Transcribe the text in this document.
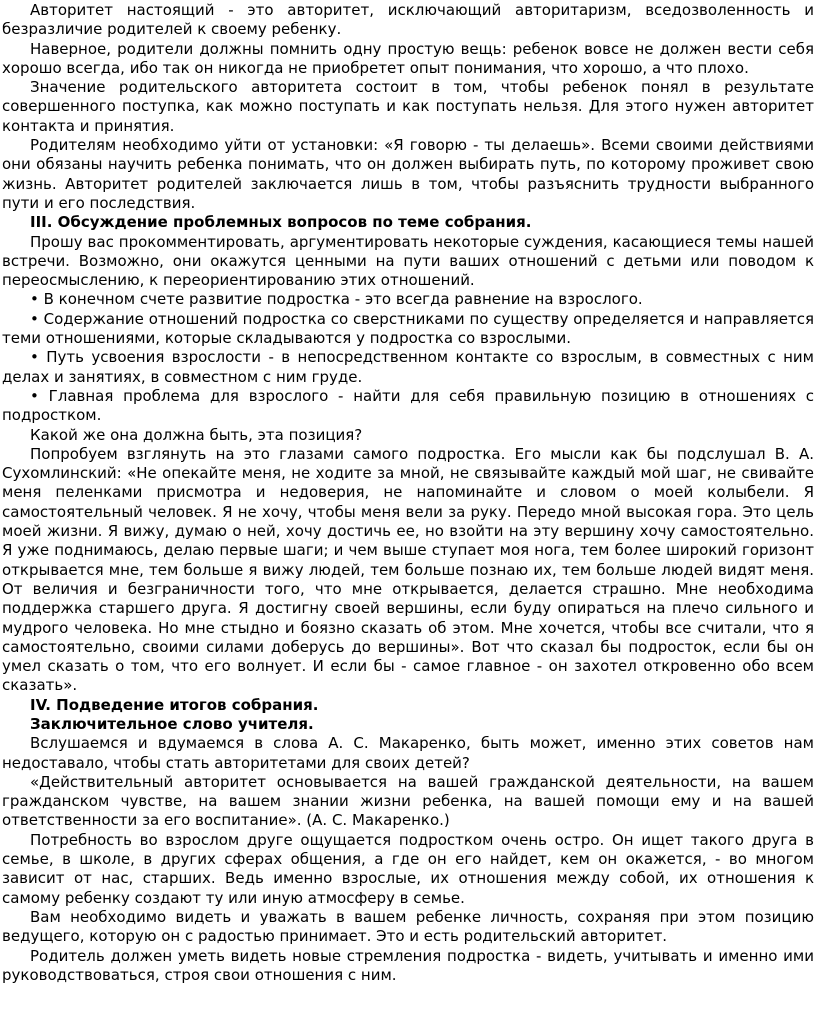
Авторитет настоящий - это авторитет, исключающий авторитаризм, вседозволенность и безразличие родителей к своему ребенку.

Наверное, родители должны помнить одну простую вещь: ребенок вовсе не должен вести себя хорошо всегда, ибо так он никогда не приобретет опыт понимания, что хорошо, а что плохо.

Значение родительского авторитета состоит в том, чтобы ребенок понял в результате совершенного поступка, как можно поступать и как поступать нельзя. Для этого нужен авторитет контакта и принятия.

Родителям необходимо уйти от установки: «Я говорю - ты делаешь». Всеми своими действиями они обязаны научить ребенка понимать, что он должен выбирать путь, по которому проживет свою жизнь. Авторитет родителей заключается лишь в том, чтобы разъяснить трудности выбранного пути и его последствия.

III. Обсуждение проблемных вопросов по теме собрания.

Прошу вас прокомментировать, аргументировать некоторые суждения, касающиеся темы нашей встречи. Возможно, они окажутся ценными на пути ваших отношений с детьми или поводом к переосмыслению, к переориентированию этих отношений.

• В конечном счете развитие подростка - это всегда равнение на взрослого.

• Содержание отношений подростка со сверстниками по существу определяется и направляется теми отношениями, которые складываются у подростка со взрослыми.

• Путь усвоения взрослости - в непосредственном контакте со взрослым, в совместных с ним делах и занятиях, в совместном с ним груде.

• Главная проблема для взрослого - найти для себя правильную позицию в отношениях с подростком.

Какой же она должна быть, эта позиция?

Попробуем взглянуть на это глазами самого подростка. Его мысли как бы подслушал В. А. Сухомлинский: «Не опекайте меня, не ходите за мной, не связывайте каждый мой шаг, не свивайте меня пеленками присмотра и недоверия, не напоминайте и словом о моей колыбели. Я самостоятельный человек. Я не хочу, чтобы меня вели за руку. Передо мной высокая гора. Это цель моей жизни. Я вижу, думаю о ней, хочу достичь ее, но взойти на эту вершину хочу самостоятельно. Я уже поднимаюсь, делаю первые шаги; и чем выше ступает моя нога, тем более широкий горизонт открывается мне, тем больше я вижу людей, тем больше познаю их, тем больше людей видят меня. От величия и безграничности того, что мне открывается, делается страшно. Мне необходима поддержка старшего друга. Я достигну своей вершины, если буду опираться на плечо сильного и мудрого человека. Но мне стыдно и боязно сказать об этом. Мне хочется, чтобы все считали, что я самостоятельно, своими силами доберусь до вершины». Вот что сказал бы подросток, если бы он умел сказать о том, что его волнует. И если бы - самое главное - он захотел откровенно обо всем сказать».

IV. Подведение итогов собрания.

Заключительное слово учителя.

Вслушаемся и вдумаемся в слова А. С. Макаренко, быть может, именно этих советов нам недоставало, чтобы стать авторитетами для своих детей?

«Действительный авторитет основывается на вашей гражданской деятельности, на вашем гражданском чувстве, на вашем знании жизни ребенка, на вашей помощи ему и на вашей ответственности за его воспитание». (А. С. Макаренко.)

Потребность во взрослом друге ощущается подростком очень остро. Он ищет такого друга в семье, в школе, в других сферах общения, а где он его найдет, кем он окажется, - во многом зависит от нас, старших. Ведь именно взрослые, их отношения между собой, их отношения к самому ребенку создают ту или иную атмосферу в семье.

Вам необходимо видеть и уважать в вашем ребенке личность, сохраняя при этом позицию ведущего, которую он с радостью принимает. Это и есть родительский авторитет.

Родитель должен уметь видеть новые стремления подростка - видеть, учитывать и именно ими руководствоваться, строя свои отношения с ним.
